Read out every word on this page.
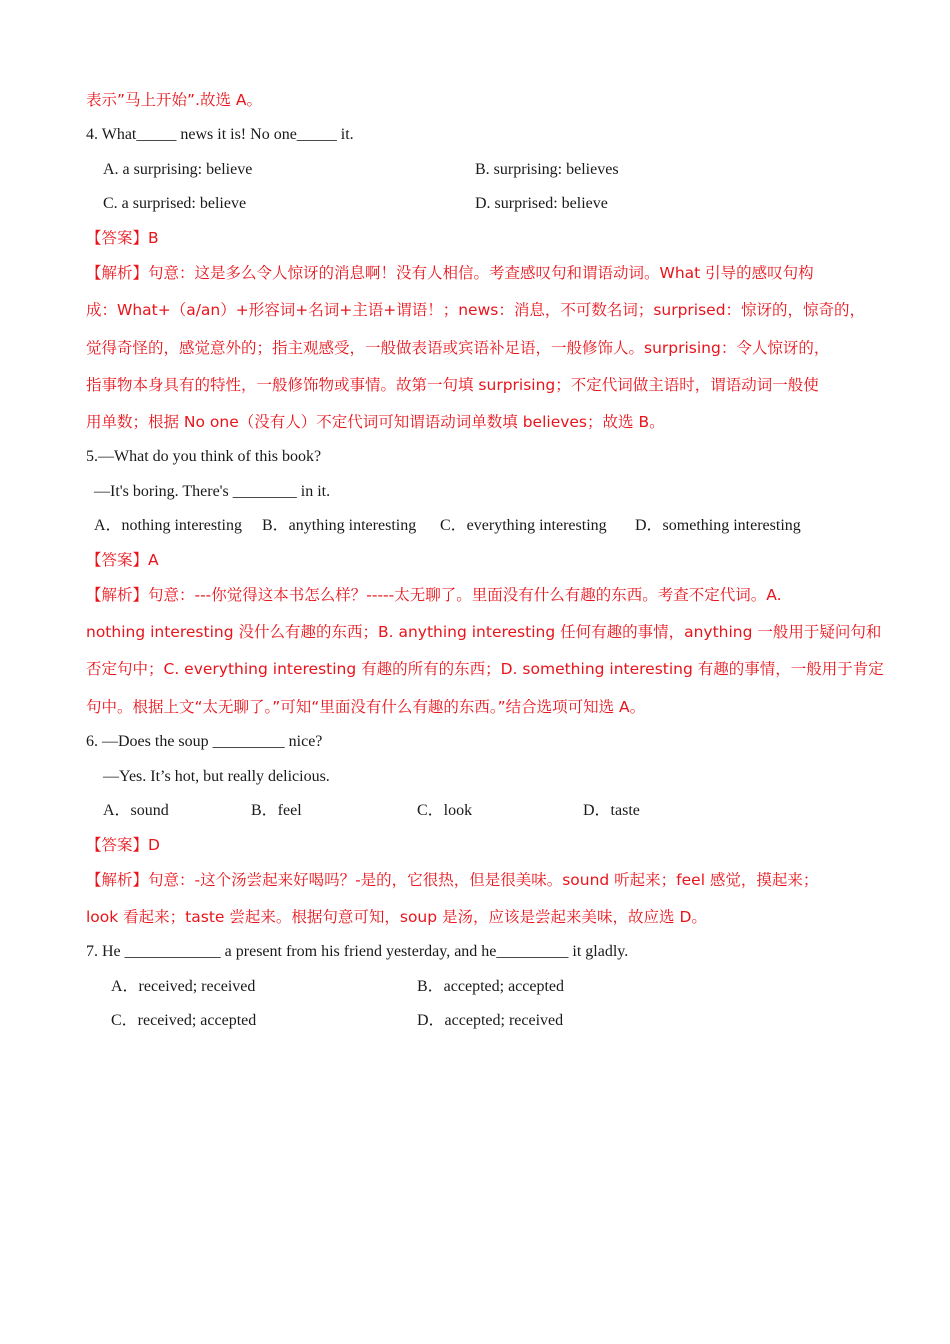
表示”马上开始”.故选 A。
4. What_____ news it is! No one_____ it.
A. a surprising: believe	B. surprising: believes
C. a surprised: believe	D. surprised: believe
【答案】B
【解析】句意：这是多么令人惊讶的消息啊！没有人相信。考查感叹句和谓语动词。What 引导的感叹句构
成：What+（a/an）+形容词+名词+主语+谓语！；news：消息，不可数名词；surprised：惊讶的，惊奇的，
觉得奇怪的，感觉意外的；指主观感受，一般做表语或宾语补足语，一般修饰人。surprising：令人惊讶的，
指事物本身具有的特性，一般修饰物或事情。故第一句填 surprising；不定代词做主语时，谓语动词一般使
用单数；根据 No one（没有人）不定代词可知谓语动词单数填 believes；故选 B。
5.—What do you think of this book?
—It's boring. There's ________ in it.
A．nothing interesting B．anything interesting C．everything interesting D．something interesting
【答案】A
【解析】句意：---你觉得这本书怎么样？-----太无聊了。里面没有什么有趣的东西。考查不定代词。A.
nothing interesting 没什么有趣的东西；B. anything interesting 任何有趣的事情，anything 一般用于疑问句和
否定句中；C. everything interesting 有趣的所有的东西；D. something interesting 有趣的事情，一般用于肯定
句中。根据上文“太无聊了。”可知“里面没有什么有趣的东西。”结合选项可知选 A。
6. —Does the soup _________ nice?
—Yes. It’s hot, but really delicious.
A．sound	B．feel	C．look	D．taste
【答案】D
【解析】句意：-这个汤尝起来好喝吗？-是的，它很热，但是很美味。sound 听起来；feel 感觉，摸起来；
look 看起来；taste 尝起来。根据句意可知，soup 是汤，应该是尝起来美味，故应选 D。
7. He ____________ a present from his friend yesterday, and he_________ it gladly.
A．received; received	B．accepted; accepted
C．received; accepted	D．accepted; received
